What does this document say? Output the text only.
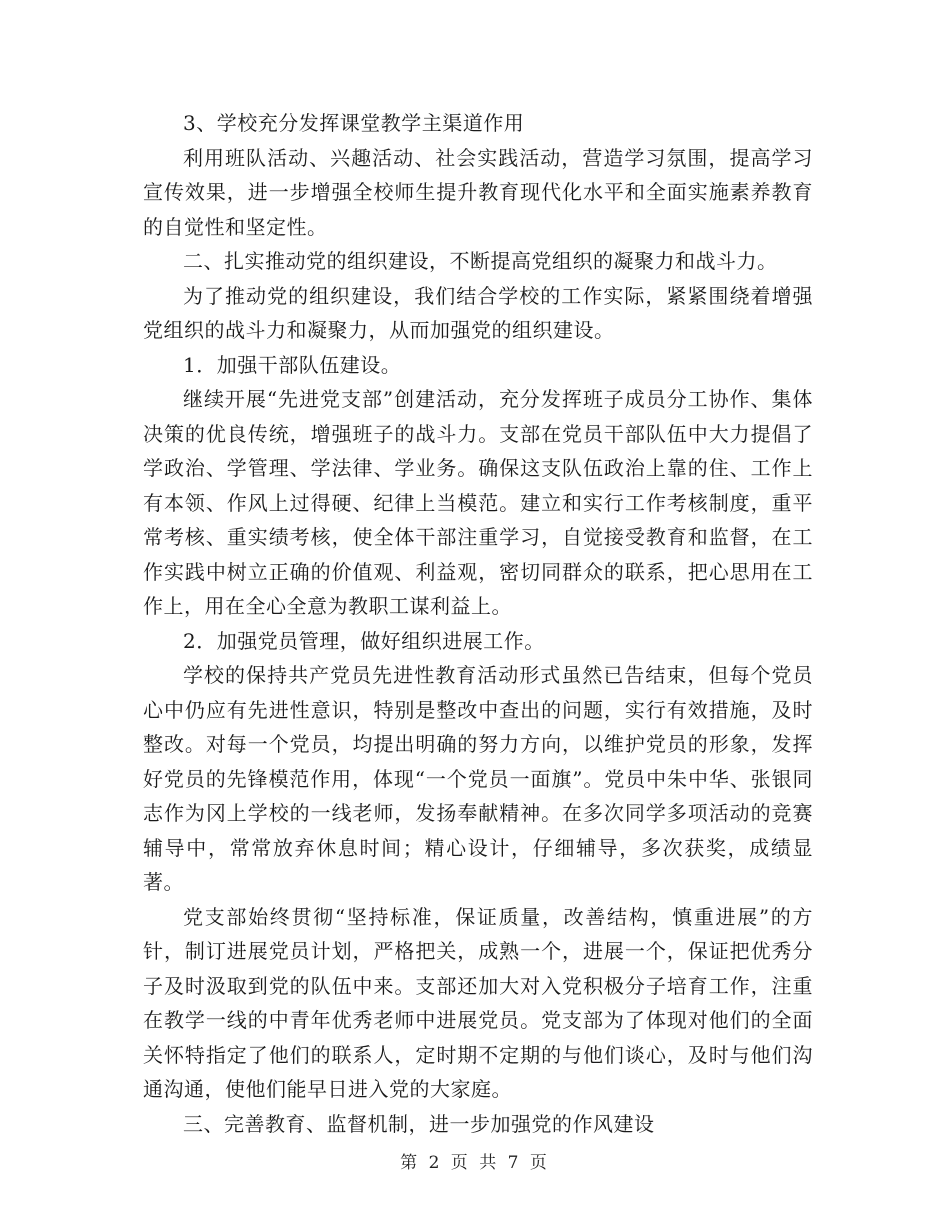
3、学校充分发挥课堂教学主渠道作用

利用班队活动、兴趣活动、社会实践活动，营造学习氛围，提高学习宣传效果，进一步增强全校师生提升教育现代化水平和全面实施素养教育的自觉性和坚定性。

二、扎实推动党的组织建设，不断提高党组织的凝聚力和战斗力。

为了推动党的组织建设，我们结合学校的工作实际，紧紧围绕着增强党组织的战斗力和凝聚力，从而加强党的组织建设。

1．加强干部队伍建设。

继续开展“先进党支部”创建活动，充分发挥班子成员分工协作、集体决策的优良传统，增强班子的战斗力。支部在党员干部队伍中大力提倡了学政治、学管理、学法律、学业务。确保这支队伍政治上靠的住、工作上有本领、作风上过得硬、纪律上当模范。建立和实行工作考核制度，重平常考核、重实绩考核，使全体干部注重学习，自觉接受教育和监督，在工作实践中树立正确的价值观、利益观，密切同群众的联系，把心思用在工作上，用在全心全意为教职工谋利益上。

2．加强党员管理，做好组织进展工作。

学校的保持共产党员先进性教育活动形式虽然已告结束，但每个党员心中仍应有先进性意识，特别是整改中查出的问题，实行有效措施，及时整改。对每一个党员，均提出明确的努力方向，以维护党员的形象，发挥好党员的先锋模范作用，体现“一个党员一面旗”。党员中朱中华、张银同志作为冈上学校的一线老师，发扬奉献精神。在多次同学多项活动的竞赛辅导中，常常放弃休息时间；精心设计，仔细辅导，多次获奖，成绩显著。

党支部始终贯彻“坚持标准，保证质量，改善结构，慎重进展”的方针，制订进展党员计划，严格把关，成熟一个，进展一个，保证把优秀分子及时汲取到党的队伍中来。支部还加大对入党积极分子培育工作，注重在教学一线的中青年优秀老师中进展党员。党支部为了体现对他们的全面关怀特指定了他们的联系人，定时期不定期的与他们谈心，及时与他们沟通沟通，使他们能早日进入党的大家庭。

三、完善教育、监督机制，进一步加强党的作风建设

第 2 页 共 7 页
